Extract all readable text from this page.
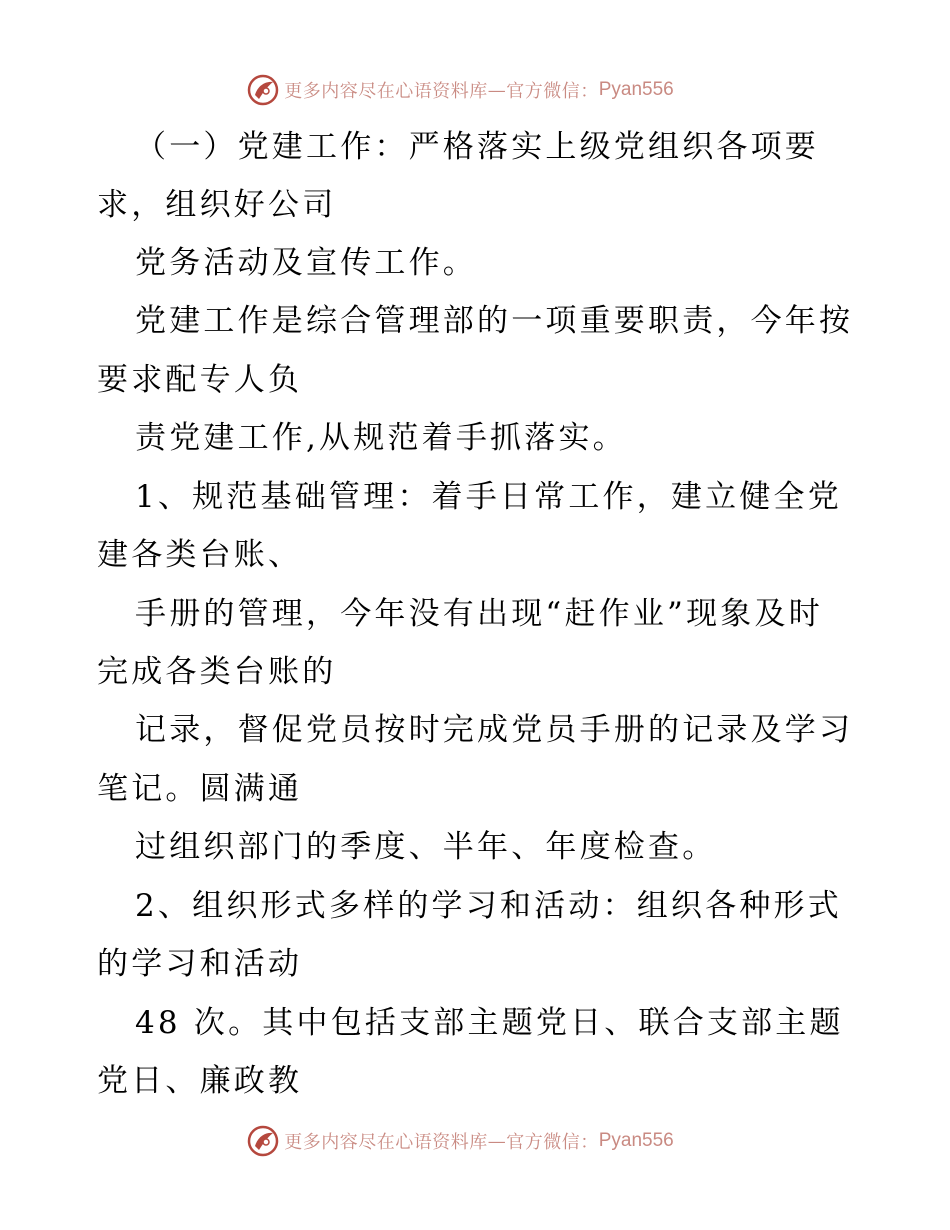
更多内容尽在心语资料库 — 官方微信： Pyan556
（一）党建工作：严格落实上级党组织各项要
求，组织好公司
党务活动及宣传工作。
党建工作是综合管理部的一项重要职责，今年按
要求配专人负
责党建工作,从规范着手抓落实。
1、规范基础管理：着手日常工作，建立健全党
建各类台账、
手册的管理，今年没有出现“赶作业”现象及时
完成各类台账的
记录，督促党员按时完成党员手册的记录及学习
笔记。圆满通
过组织部门的季度、半年、年度检查。
2、组织形式多样的学习和活动：组织各种形式
的学习和活动
48 次。其中包括支部主题党日、联合支部主题
党日、廉政教
更多内容尽在心语资料库 — 官方微信： Pyan556
